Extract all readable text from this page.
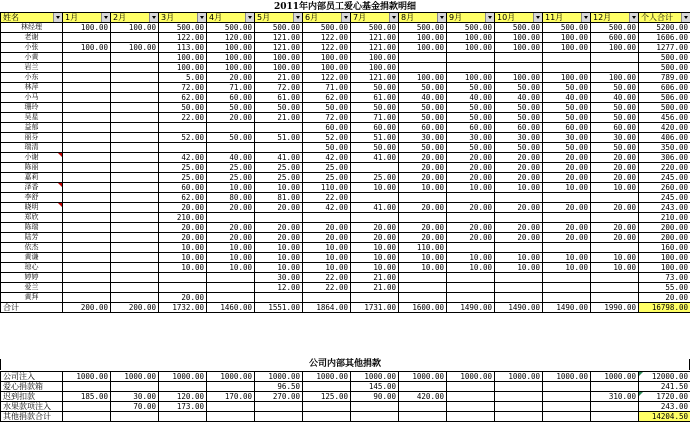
2011年内部员工爱心基金捐款明细
姓名	1月	2月	3月	4月	5月	6月	7月	8月	9月	10月	11月	12月	个人合计

林经理	100.00	100.00	500.00	500.00	500.00	500.00	500.00	500.00	500.00	500.00	500.00	500.00	5200.00
老谢			122.00	120.00	121.00	122.00	121.00	100.00	100.00	100.00	100.00	600.00	1606.00
小张	100.00	100.00	113.00	100.00	121.00	122.00	121.00	100.00	100.00	100.00	100.00	100.00	1277.00
小黄			100.00	100.00	100.00	100.00	100.00						500.00
岩兰			100.00	100.00	100.00	100.00	100.00						500.00
小东			5.00	20.00	21.00	122.00	121.00	100.00	100.00	100.00	100.00	100.00	789.00
林萍			72.00	71.00	72.00	71.00	50.00	50.00	50.00	50.00	50.00	50.00	606.00
小马			62.00	60.00	61.00	62.00	61.00	40.00	40.00	40.00	40.00	40.00	506.00
珊玲			50.00	50.00	50.00	50.00	50.00	50.00	50.00	50.00	50.00	50.00	500.00
吴星			22.00	20.00	21.00	72.00	71.00	50.00	50.00	50.00	50.00	50.00	456.00
益郁						60.00	60.00	60.00	60.00	60.00	60.00	60.00	420.00
丽芬			52.00	50.00	51.00	52.00	51.00	30.00	30.00	30.00	30.00	30.00	406.00
瑞清						50.00	50.00	50.00	50.00	50.00	50.00	50.00	350.00
小谢			42.00	40.00	41.00	42.00	41.00	20.00	20.00	20.00	20.00	20.00	306.00
陈丽			25.00	25.00	25.00	25.00		20.00	20.00	20.00	20.00	20.00	220.00
嘉莉			25.00	25.00	25.00	25.00	25.00	20.00	20.00	20.00	20.00	20.00	245.00
泽香			60.00	10.00	10.00	110.00	10.00	10.00	10.00	10.00	10.00	10.00	260.00
李舒			62.00	80.00	81.00	22.00							245.00
晓明			20.00	20.00	20.00	42.00	41.00	20.00	20.00	20.00	20.00	20.00	243.00
郑欣			210.00										210.00
陈瑞			20.00	20.00	20.00	20.00	20.00	20.00	20.00	20.00	20.00	20.00	200.00
陆芳			20.00	20.00	20.00	20.00	20.00	20.00	20.00	20.00	20.00	20.00	200.00
依杰			10.00	10.00	10.00	10.00	10.00	110.00					160.00
黄谦			10.00	10.00	10.00	10.00	10.00	10.00	10.00	10.00	10.00	10.00	100.00
琼心			10.00	10.00	10.00	10.00	10.00	10.00	10.00	10.00	10.00	10.00	100.00
婷婷					30.00	22.00	21.00						73.00
爱兰					12.00	22.00	21.00						55.00
黄拜			20.00										20.00
合计	200.00	200.00	1732.00	1460.00	1551.00	1864.00	1731.00	1600.00	1490.00	1490.00	1490.00	1990.00	16798.00
公司内部其他捐款
公司注入	1000.00	1000.00	1000.00	1000.00	1000.00	1000.00	1000.00	1000.00	1000.00	1000.00	1000.00	1000.00	12000.00

爱心捐款箱					96.50		145.00						241.50
迟到扣款	185.00	30.00	120.00	170.00	270.00	125.00	90.00	420.00				310.00	1720.00

水果款项注入		70.00	173.00										243.00
其他捐款合计													14204.50
